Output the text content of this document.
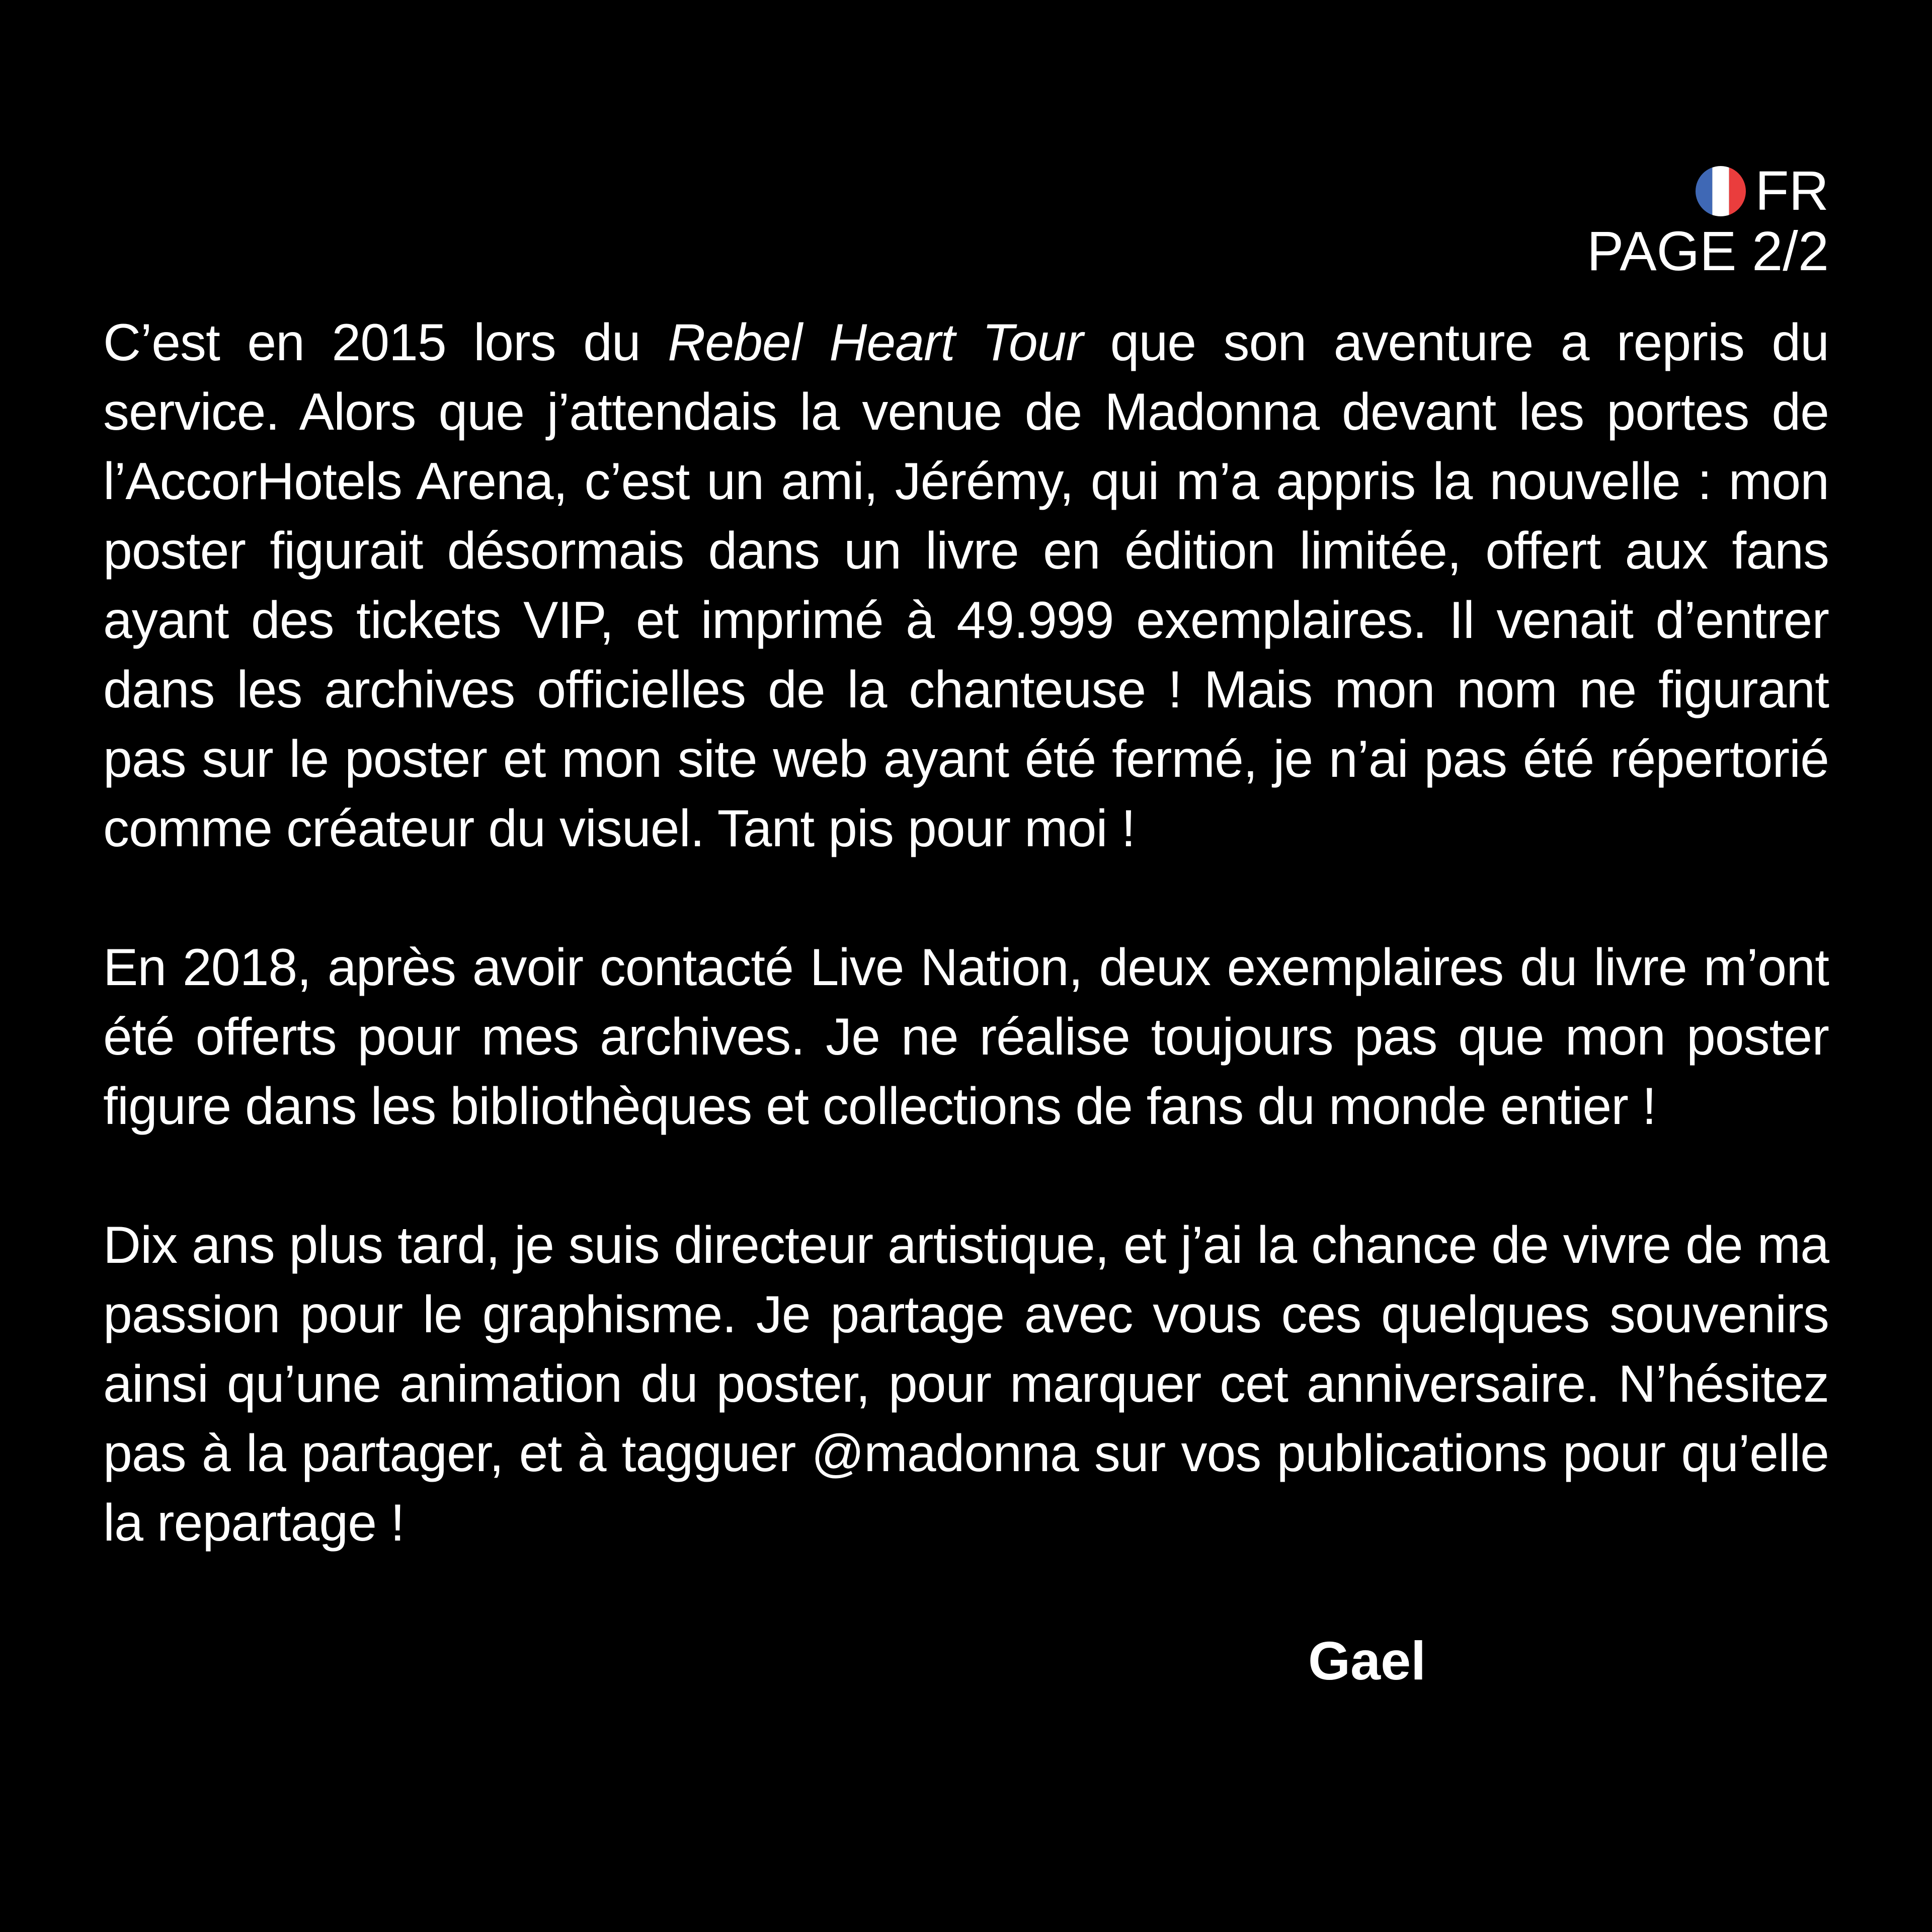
FR
PAGE 2/2

C’est en 2015 lors du Rebel Heart Tour que son aventure a repris du service. Alors que j’attendais la venue de Madonna devant les portes de l’AccorHotels Arena, c’est un ami, Jérémy, qui m’a appris la nouvelle : mon poster figurait désormais dans un livre en édition limitée, offert aux fans ayant des tickets VIP, et imprimé à 49.999 exemplaires. Il venait d’entrer dans les archives officielles de la chanteuse ! Mais mon nom ne figurant pas sur le poster et mon site web ayant été fermé, je n’ai pas été répertorié comme créateur du visuel. Tant pis pour moi !

En 2018, après avoir contacté Live Nation, deux exemplaires du livre m’ont été offerts pour mes archives. Je ne réalise toujours pas que mon poster figure dans les bibliothèques et collections de fans du monde entier !

Dix ans plus tard, je suis directeur artistique, et j’ai la chance de vivre de ma passion pour le graphisme. Je partage avec vous ces quelques souvenirs ainsi qu’une animation du poster, pour marquer cet anniversaire. N’hésitez pas à la partager, et à tagguer @madonna sur vos publications pour qu’elle la repartage !

Gael
